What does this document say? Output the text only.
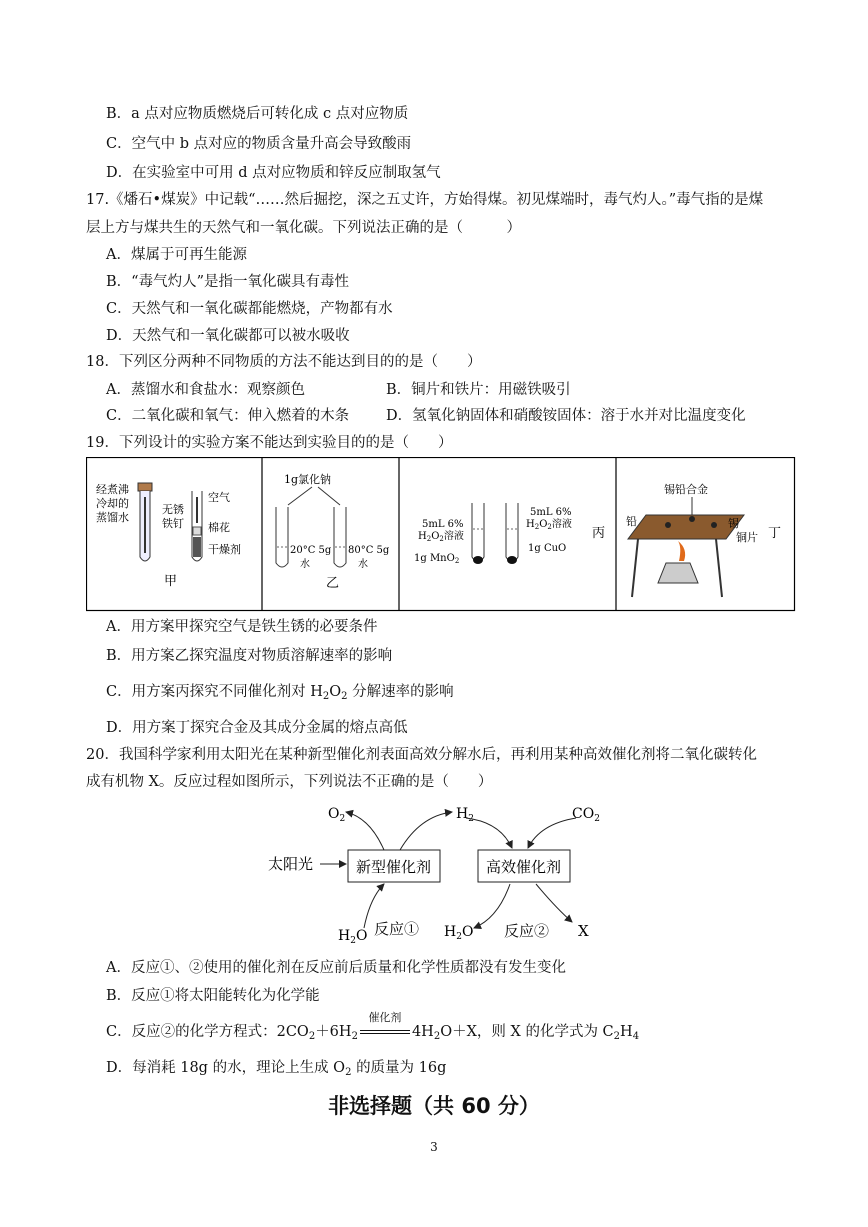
B．a 点对应物质燃烧后可转化成 c 点对应物质
C．空气中 b 点对应的物质含量升高会导致酸雨
D．在实验室中可用 d 点对应物质和锌反应制取氢气
17.《燔石•煤炭》中记载“……然后掘挖，深之五丈许，方始得煤。初见煤端时，毒气灼人。”毒气指的是煤
层上方与煤共生的天然气和一氧化碳。下列说法正确的是（　　　）
A．煤属于可再生能源
B．“毒气灼人”是指一氧化碳具有毒性
C．天然气和一氧化碳都能燃烧，产物都有水
D．天然气和一氧化碳都可以被水吸收
18．下列区分两种不同物质的方法不能达到目的的是（　　）
A．蒸馏水和食盐水：观察颜色	B．铜片和铁片：用磁铁吸引
C．二氧化碳和氧气：伸入燃着的木条	D．氢氧化钠固体和硝酸铵固体：溶于水并对比温度变化
19．下列设计的实验方案不能达到实验目的的是（　　）
经煮沸
冷却的
蒸馏水
无锈
铁钉
空气
棉花
干燥剂
甲
1g氯化钠
20°C 5g
水
80°C 5g
水
乙
5mL 6%
$H_2O_2$溶液
1g MnO$_2$
5mL 6%
$H_2O_2$溶液
1g CuO
丙
锡铅合金
铅	锡
铜片 丁
A．用方案甲探究空气是铁生锈的必要条件
B．用方案乙探究温度对物质溶解速率的影响
C．用方案丙探究不同催化剂对 $H_2O_2$ 分解速率的影响
D．用方案丁探究合金及其成分金属的熔点高低
20．我国科学家利用太阳光在某种新型催化剂表面高效分解水后，再利用某种高效催化剂将二氧化碳转化
成有机物 X。反应过程如图所示，下列说法不正确的是（　　）
$O_2$	$H_2$	$CO_2$
太阳光	新型催化剂	高效催化剂
$H_2O$ 反应① $H_2O$ 反应② X
A．反应①、②使用的催化剂在反应前后质量和化学性质都没有发生变化
B．反应①将太阳能转化为化学能
C．反应②的化学方程式：$2CO_2+6H_2$
催化剂
$4H_2O+X$，则 X 的化学式为 $C_2H_4$
D．每消耗 18g 的水，理论上生成 $O_2$ 的质量为 16g
非选择题（共 60 分）
3
